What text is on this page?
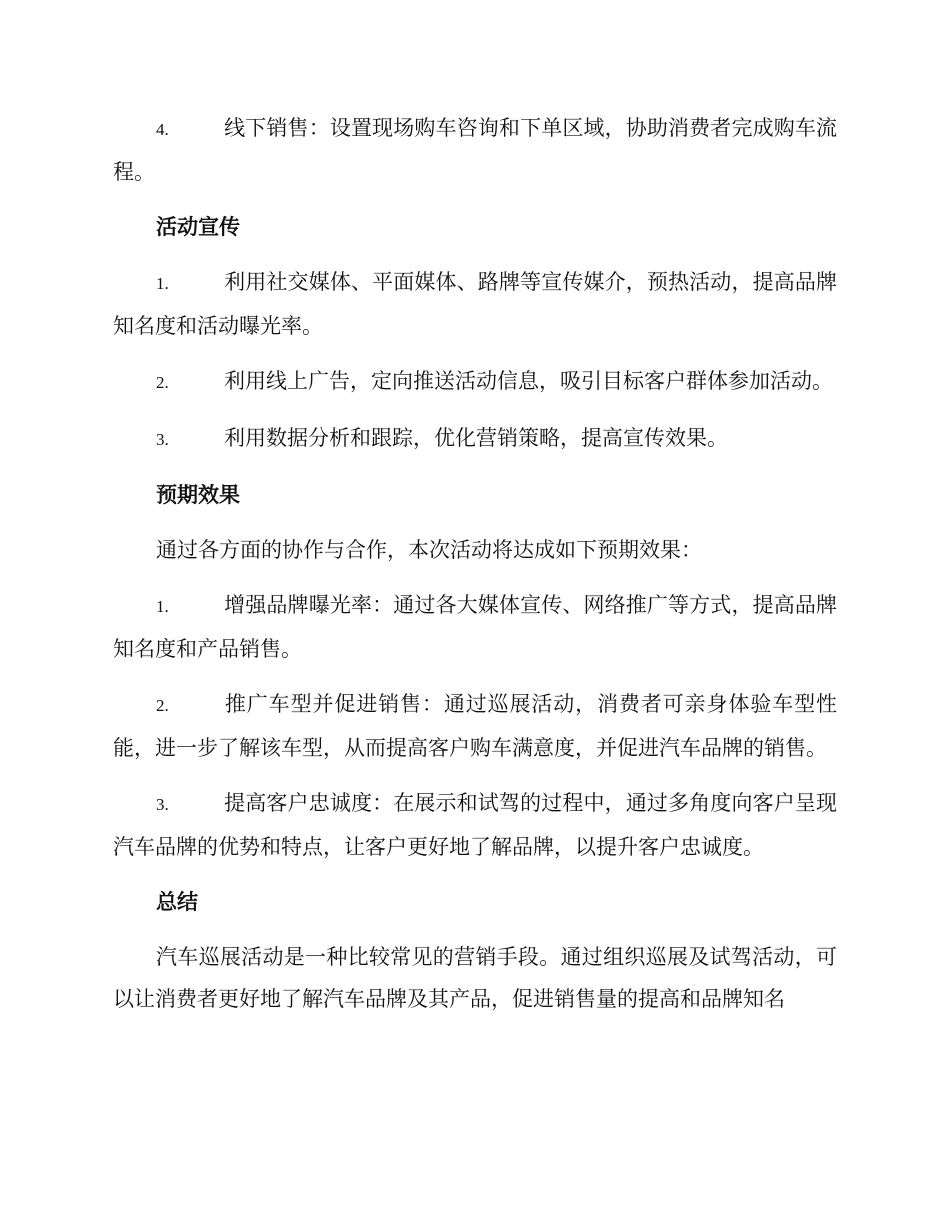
4.	线下销售：设置现场购车咨询和下单区域，协助消费者完成购车流程。

活动宣传

1.	利用社交媒体、平面媒体、路牌等宣传媒介，预热活动，提高品牌知名度和活动曝光率。

2.	利用线上广告，定向推送活动信息，吸引目标客户群体参加活动。

3.	利用数据分析和跟踪，优化营销策略，提高宣传效果。

预期效果

通过各方面的协作与合作，本次活动将达成如下预期效果：

1.	增强品牌曝光率：通过各大媒体宣传、网络推广等方式，提高品牌知名度和产品销售。

2.	推广车型并促进销售：通过巡展活动，消费者可亲身体验车型性能，进一步了解该车型，从而提高客户购车满意度，并促进汽车品牌的销售。

3.	提高客户忠诚度：在展示和试驾的过程中，通过多角度向客户呈现汽车品牌的优势和特点，让客户更好地了解品牌，以提升客户忠诚度。

总结

汽车巡展活动是一种比较常见的营销手段。通过组织巡展及试驾活动，可以让消费者更好地了解汽车品牌及其产品，促进销售量的提高和品牌知名
